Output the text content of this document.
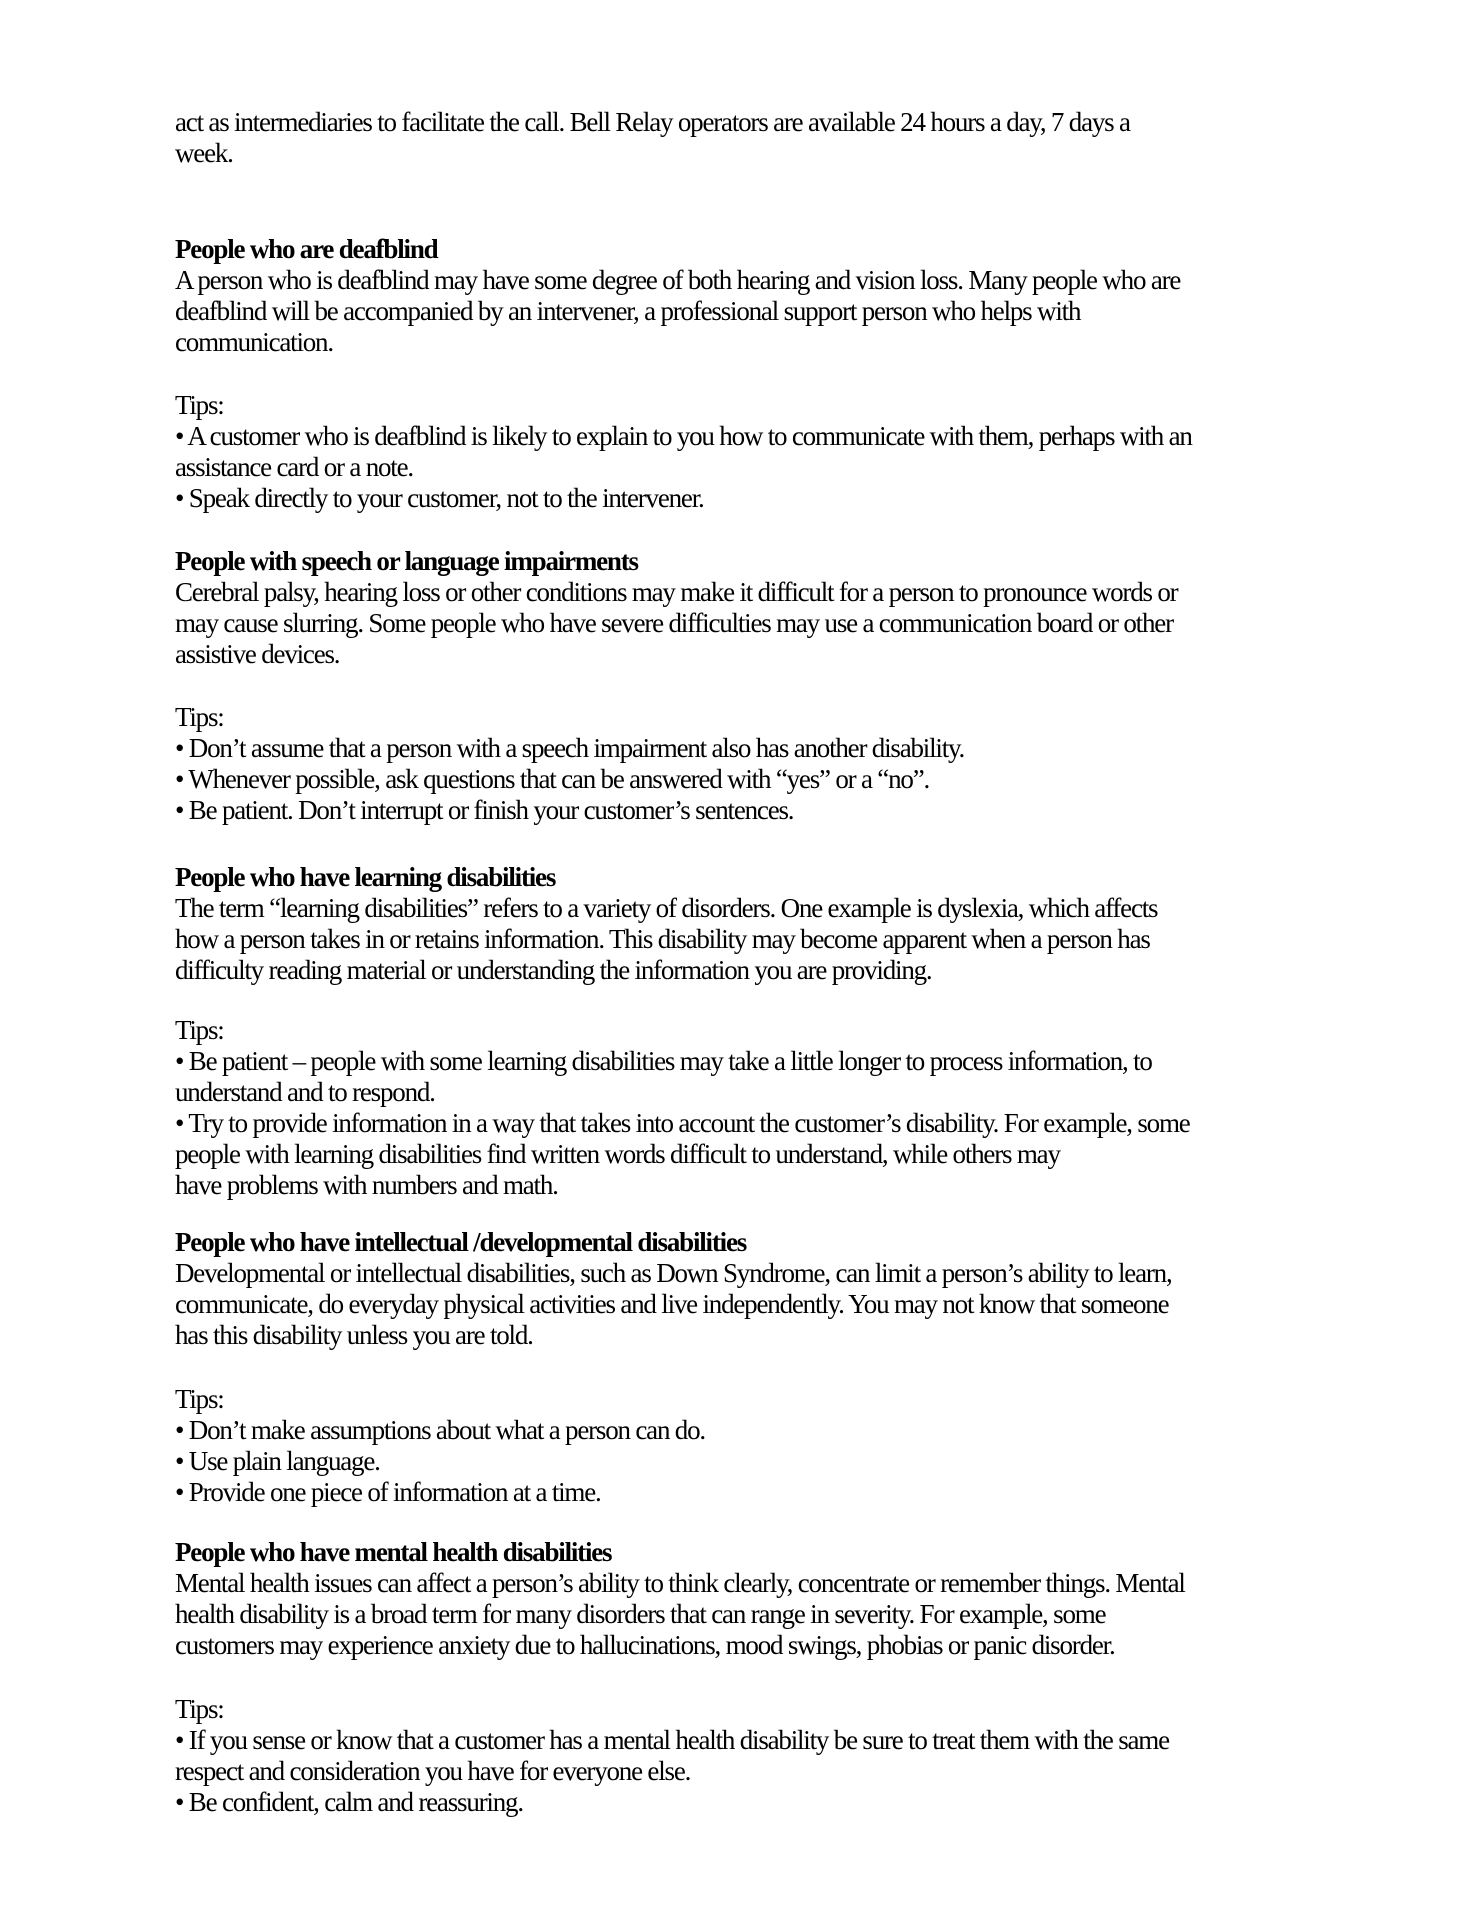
act as intermediaries to facilitate the call. Bell Relay operators are available 24 hours a day, 7 days a
week.
People who are deafblind
A person who is deafblind may have some degree of both hearing and vision loss. Many people who are
deafblind will be accompanied by an intervener, a professional support person who helps with
communication.
Tips:
• A customer who is deafblind is likely to explain to you how to communicate with them, perhaps with an
assistance card or a note.
• Speak directly to your customer, not to the intervener.
People with speech or language impairments
Cerebral palsy, hearing loss or other conditions may make it difficult for a person to pronounce words or
may cause slurring. Some people who have severe difficulties may use a communication board or other
assistive devices.
Tips:
• Don’t assume that a person with a speech impairment also has another disability.
• Whenever possible, ask questions that can be answered with “yes” or a “no”.
• Be patient. Don’t interrupt or finish your customer’s sentences.
People who have learning disabilities
The term “learning disabilities” refers to a variety of disorders. One example is dyslexia, which affects
how a person takes in or retains information. This disability may become apparent when a person has
difficulty reading material or understanding the information you are providing.
Tips:
• Be patient – people with some learning disabilities may take a little longer to process information, to
understand and to respond.
• Try to provide information in a way that takes into account the customer’s disability. For example, some
people with learning disabilities find written words difficult to understand, while others may
have problems with numbers and math.
People who have intellectual /developmental disabilities
Developmental or intellectual disabilities, such as Down Syndrome, can limit a person’s ability to learn,
communicate, do everyday physical activities and live independently. You may not know that someone
has this disability unless you are told.
Tips:
• Don’t make assumptions about what a person can do.
• Use plain language.
• Provide one piece of information at a time.
People who have mental health disabilities
Mental health issues can affect a person’s ability to think clearly, concentrate or remember things. Mental
health disability is a broad term for many disorders that can range in severity. For example, some
customers may experience anxiety due to hallucinations, mood swings, phobias or panic disorder.
Tips:
• If you sense or know that a customer has a mental health disability be sure to treat them with the same
respect and consideration you have for everyone else.
• Be confident, calm and reassuring.
